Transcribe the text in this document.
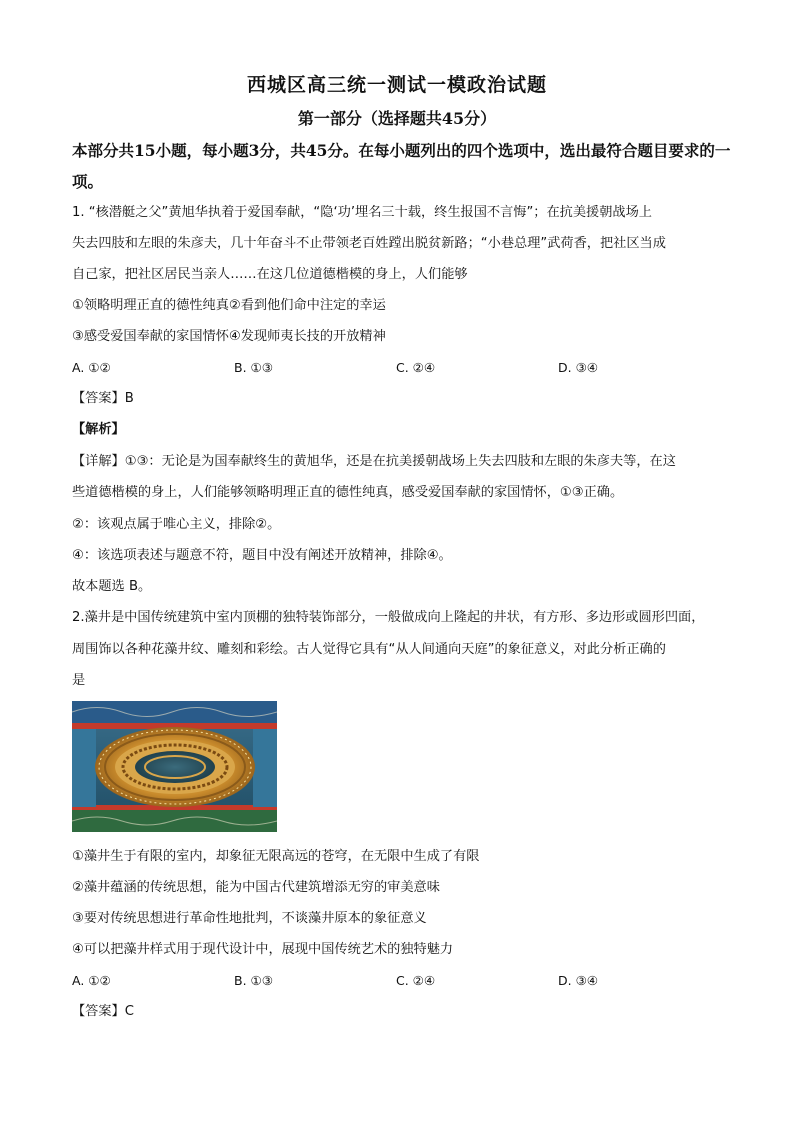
西城区高三统一测试一模政治试题
第一部分（选择题共45分）
本部分共15小题，每小题3分，共45分。在每小题列出的四个选项中，选出最符合题目要求的一项。
1. “核潜艇之父”黄旭华执着于爱国奉献，“隐‘功’埋名三十载，终生报国不言悔”；在抗美援朝战场上
失去四肢和左眼的朱彦夫，几十年奋斗不止带领老百姓蹚出脱贫新路；“小巷总理”武荷香，把社区当成
自己家，把社区居民当亲人……在这几位道德楷模的身上，人们能够
①领略明理正直的德性纯真②看到他们命中注定的幸运
③感受爱国奉献的家国情怀④发现师夷长技的开放精神
A. ①②	B. ①③	C. ②④	D. ③④
【答案】B
【解析】
【详解】①③：无论是为国奉献终生的黄旭华，还是在抗美援朝战场上失去四肢和左眼的朱彦夫等，在这
些道德楷模的身上，人们能够领略明理正直的德性纯真，感受爱国奉献的家国情怀，①③正确。
②：该观点属于唯心主义，排除②。
④：该选项表述与题意不符，题目中没有阐述开放精神，排除④。
故本题选 B。
2.藻井是中国传统建筑中室内顶棚的独特装饰部分，一般做成向上隆起的井状，有方形、多边形或圆形凹面，
周围饰以各种花藻井纹、雕刻和彩绘。古人觉得它具有“从人间通向天庭”的象征意义，对此分析正确的
是
①藻井生于有限的室内，却象征无限高远的苍穹，在无限中生成了有限
②藻井蕴涵的传统思想，能为中国古代建筑增添无穷的审美意味
③要对传统思想进行革命性地批判，不谈藻井原本的象征意义
④可以把藻井样式用于现代设计中，展现中国传统艺术的独特魅力
A. ①②	B. ①③	C. ②④	D. ③④
【答案】C
